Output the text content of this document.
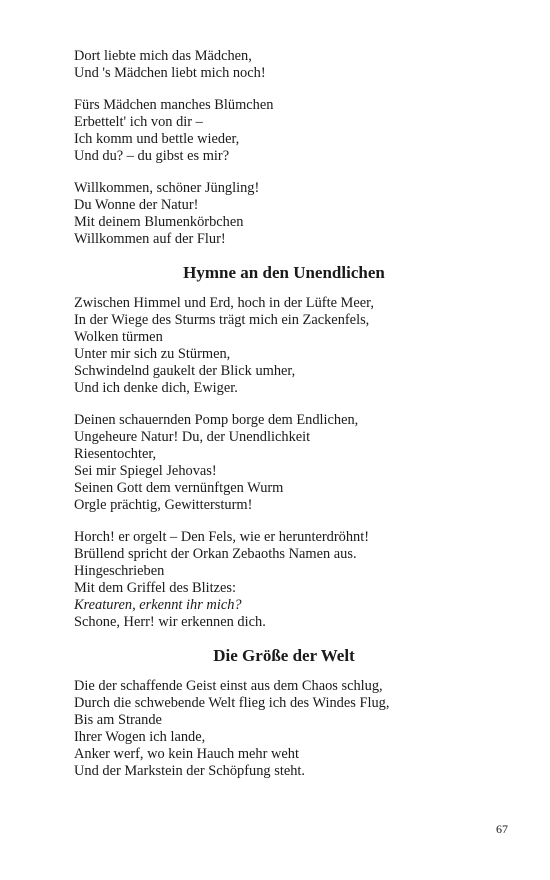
Dort liebte mich das Mädchen,
Und 's Mädchen liebt mich noch!
Fürs Mädchen manches Blümchen
Erbettelt' ich von dir –
Ich komm und bettle wieder,
Und du? – du gibst es mir?
Willkommen, schöner Jüngling!
Du Wonne der Natur!
Mit deinem Blumenkörbchen
Willkommen auf der Flur!
Hymne an den Unendlichen
Zwischen Himmel und Erd, hoch in der Lüfte Meer,
In der Wiege des Sturms trägt mich ein Zackenfels,
Wolken türmen
Unter mir sich zu Stürmen,
Schwindelnd gaukelt der Blick umher,
Und ich denke dich, Ewiger.
Deinen schauernden Pomp borge dem Endlichen,
Ungeheure Natur! Du, der Unendlichkeit
Riesentochter,
Sei mir Spiegel Jehovas!
Seinen Gott dem vernünftgen Wurm
Orgle prächtig, Gewittersturm!
Horch! er orgelt – Den Fels, wie er herunterdröhnt!
Brüllend spricht der Orkan Zebaoths Namen aus.
Hingeschrieben
Mit dem Griffel des Blitzes:
Kreaturen, erkennt ihr mich?
Schone, Herr! wir erkennen dich.
Die Größe der Welt
Die der schaffende Geist einst aus dem Chaos schlug,
Durch die schwebende Welt flieg ich des Windes Flug,
Bis am Strande
Ihrer Wogen ich lande,
Anker werf, wo kein Hauch mehr weht
Und der Markstein der Schöpfung steht.
67
